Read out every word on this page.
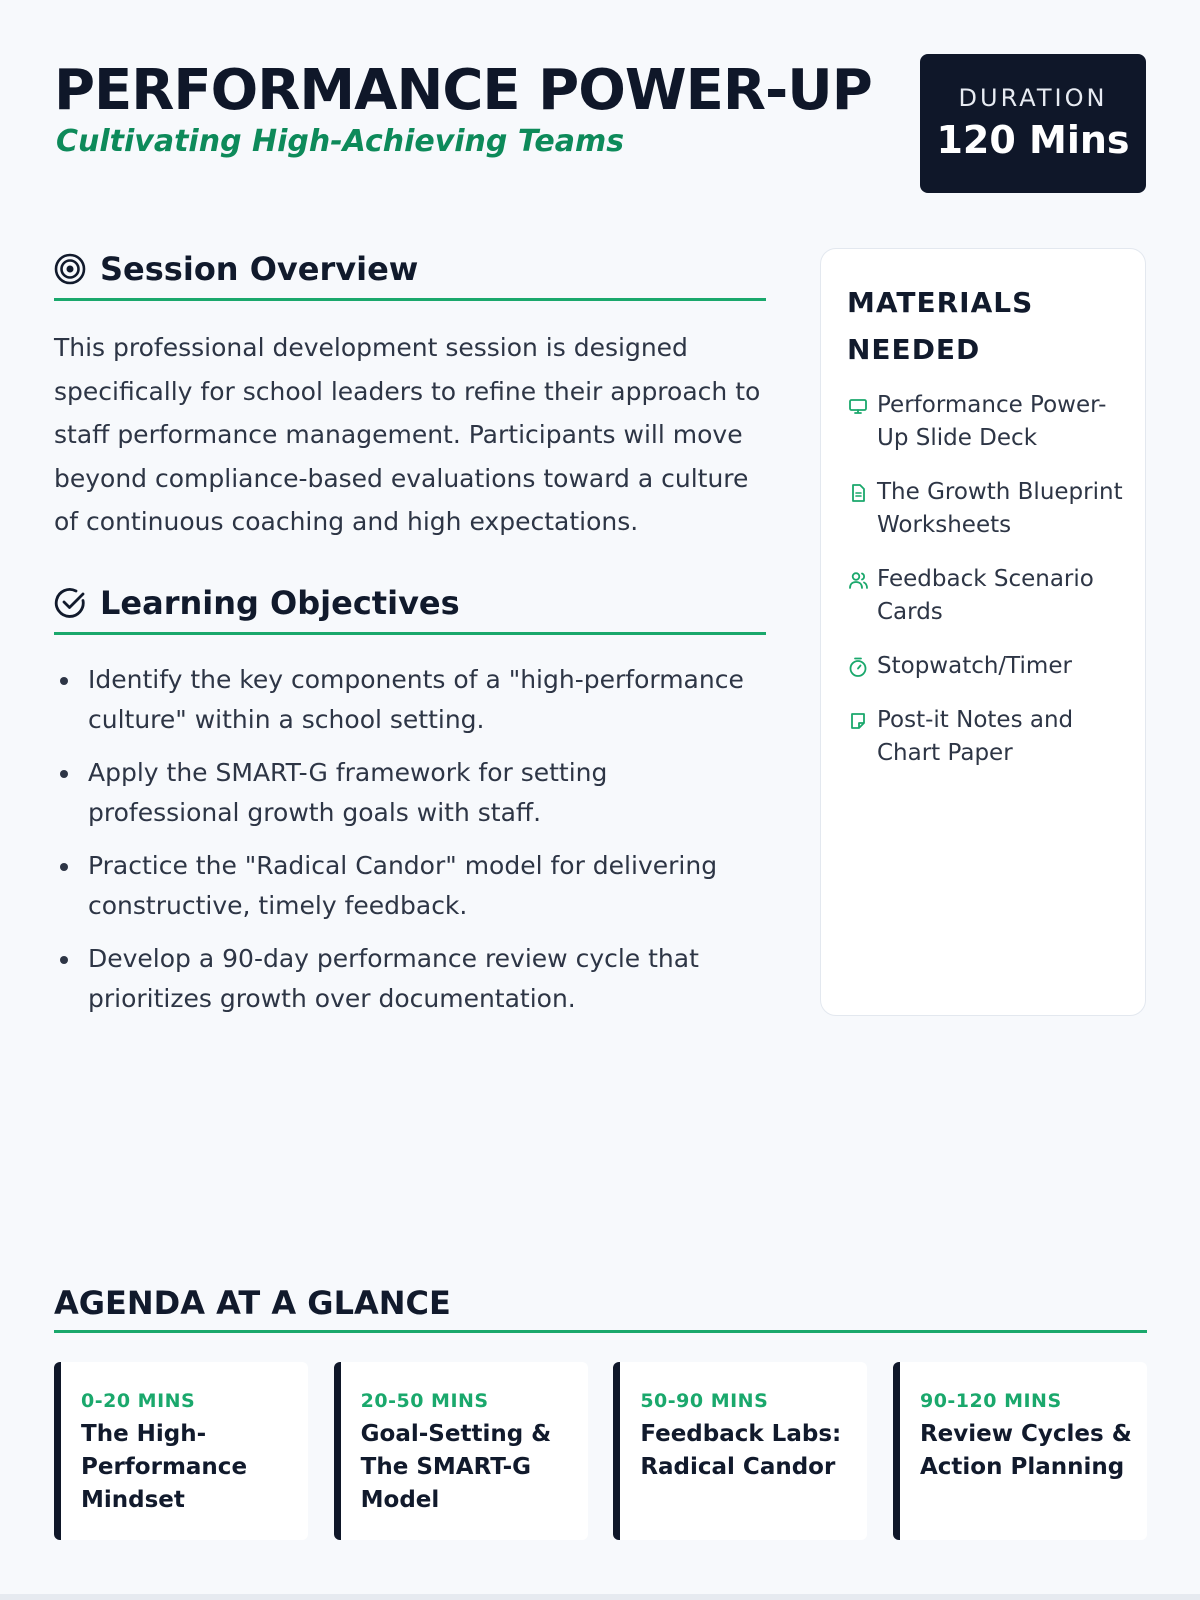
PERFORMANCE POWER-UP
Cultivating High-Achieving Teams
DURATION
120 Mins
Session Overview

This professional development session is designed specifically for school leaders to refine their approach to staff performance management. Participants will move beyond compliance-based evaluations toward a culture of continuous coaching and high expectations.

Learning Objectives
Identify the key components of a "high-performance culture" within a school setting.
Apply the SMART-G framework for setting professional growth goals with staff.
Practice the "Radical Candor" model for delivering constructive, timely feedback.
Develop a 90-day performance review cycle that prioritizes growth over documentation.
MATERIALS NEEDED
Performance Power-Up Slide Deck
The Growth Blueprint Worksheets
Feedback Scenario Cards
Stopwatch/Timer
Post-it Notes and Chart Paper
AGENDA AT A GLANCE
0-20 MINS
The High-Performance Mindset
20-50 MINS
Goal-Setting & The SMART-G Model
50-90 MINS
Feedback Labs: Radical Candor
90-120 MINS
Review Cycles & Action Planning
